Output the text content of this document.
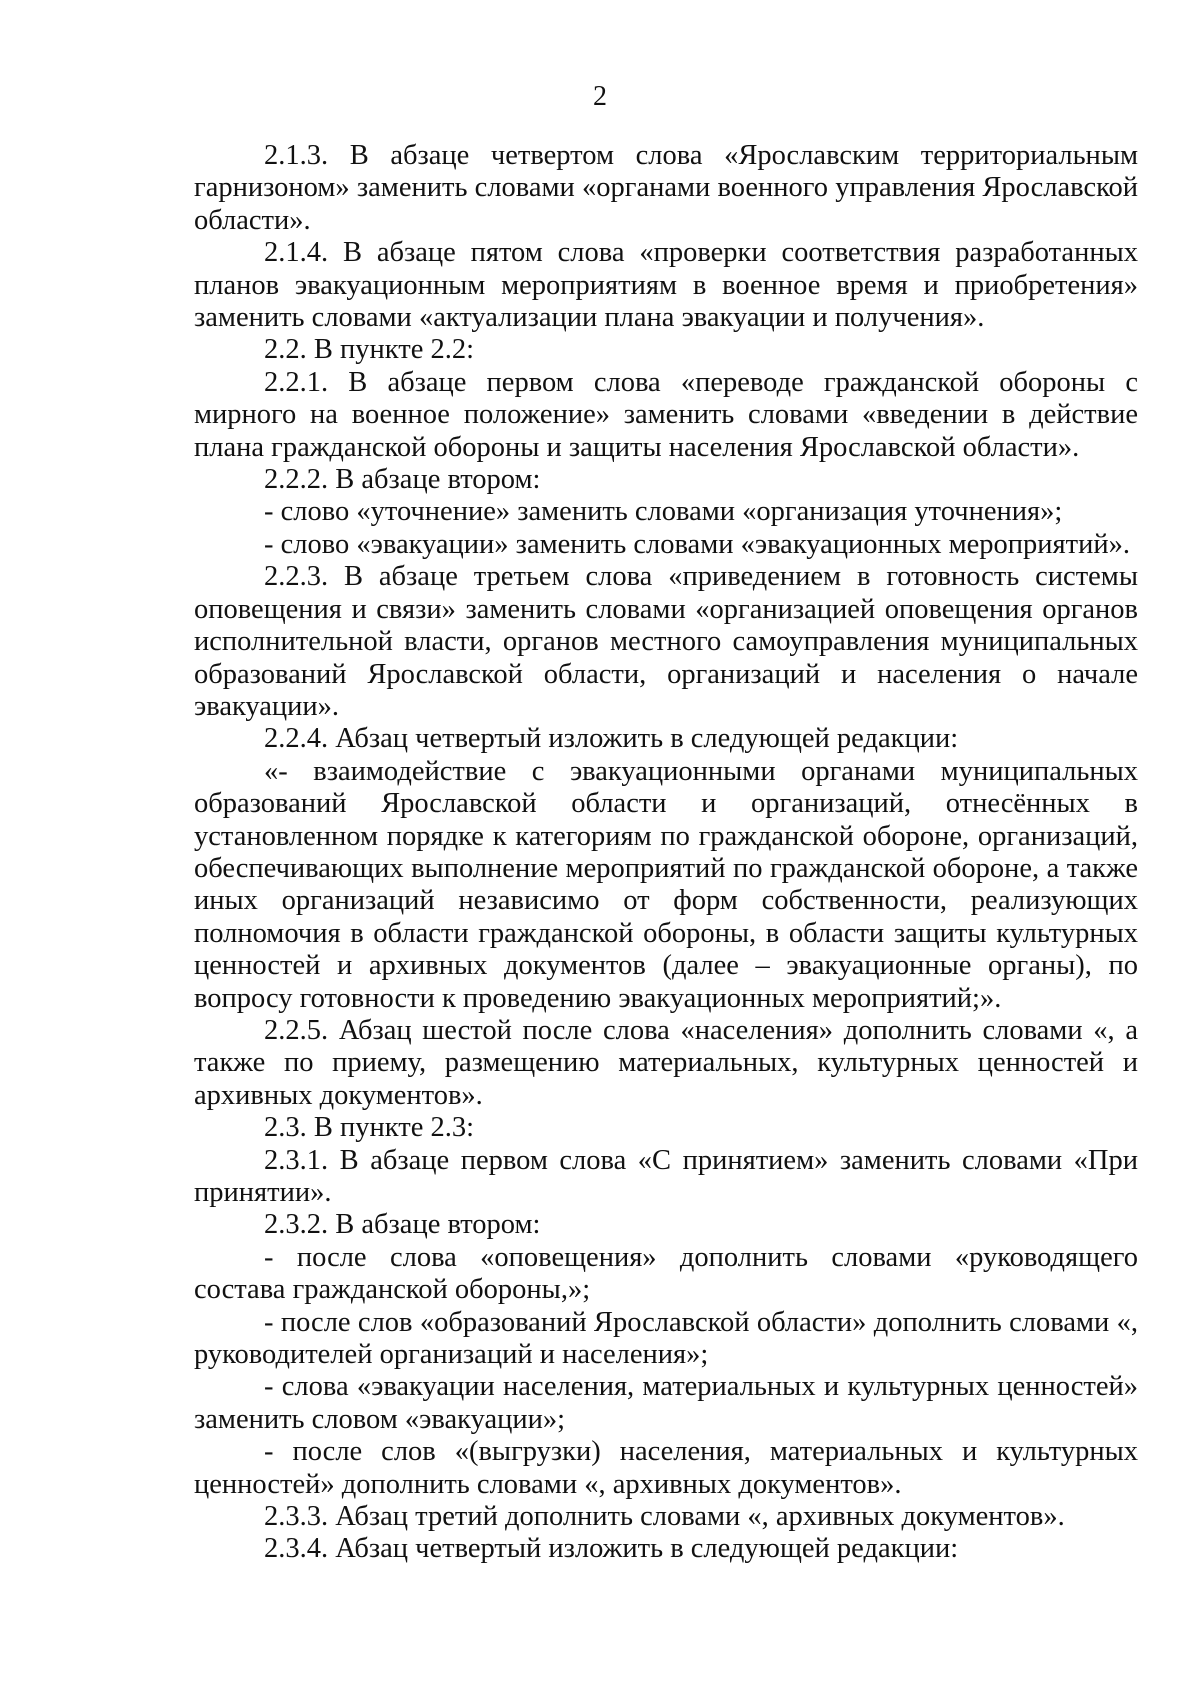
2

2.1.3. В абзаце четвертом слова «Ярославским территориальным гарнизоном» заменить словами «органами военного управления Ярославской области».

2.1.4. В абзаце пятом слова «проверки соответствия разработанных планов эвакуационным мероприятиям в военное время и приобретения» заменить словами «актуализации плана эвакуации и получения».

2.2. В пункте 2.2:

2.2.1. В абзаце первом слова «переводе гражданской обороны с мирного на военное положение» заменить словами «введении в действие плана гражданской обороны и защиты населения Ярославской области».

2.2.2. В абзаце втором:

- слово «уточнение» заменить словами «организация уточнения»;

- слово «эвакуации» заменить словами «эвакуационных мероприятий».

2.2.3. В абзаце третьем слова «приведением в готовность системы оповещения и связи» заменить словами «организацией оповещения органов исполнительной власти, органов местного самоуправления муниципальных образований Ярославской области, организаций и населения о начале эвакуации».

2.2.4. Абзац четвертый изложить в следующей редакции:

«- взаимодействие с эвакуационными органами муниципальных образований Ярославской области и организаций, отнесённых в установленном порядке к категориям по гражданской обороне, организаций, обеспечивающих выполнение мероприятий по гражданской обороне, а также иных организаций независимо от форм собственности, реализующих полномочия в области гражданской обороны, в области защиты культурных ценностей и архивных документов (далее – эвакуационные органы), по вопросу готовности к проведению эвакуационных мероприятий;».

2.2.5. Абзац шестой после слова «населения» дополнить словами «, а также по приему, размещению материальных, культурных ценностей и архивных документов».

2.3. В пункте 2.3:

2.3.1. В абзаце первом слова «С принятием» заменить словами «При принятии».

2.3.2. В абзаце втором:

- после слова «оповещения» дополнить словами «руководящего состава гражданской обороны,»;

- после слов «образований Ярославской области» дополнить словами «, руководителей организаций и населения»;

- слова «эвакуации населения, материальных и культурных ценностей» заменить словом «эвакуации»;

- после слов «(выгрузки) населения, материальных и культурных ценностей» дополнить словами «, архивных документов».

2.3.3. Абзац третий дополнить словами «, архивных документов».

2.3.4. Абзац четвертый изложить в следующей редакции:
